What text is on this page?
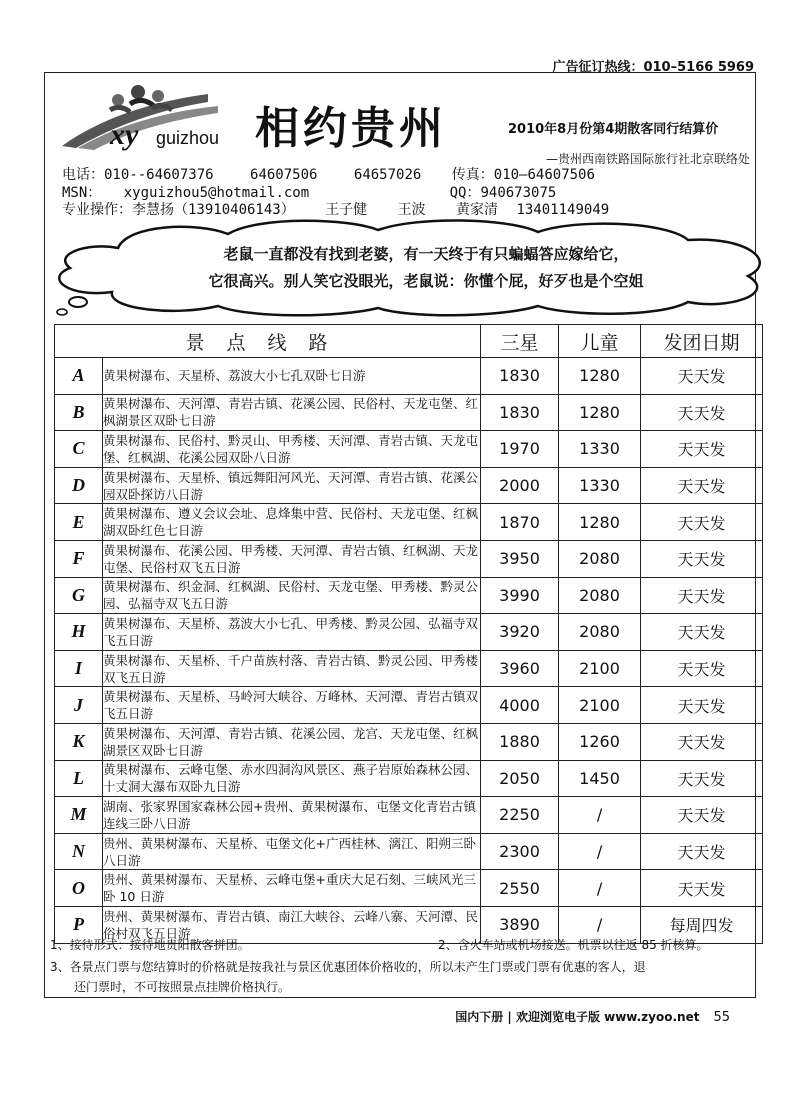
广告征订热线：010–5166 5969
xy guizhou 相约贵州	2010年8月份第4期散客同行结算价
—贵州西南铁路国际旅行社北京联络处
电话：010--64607376	64607506	64657026 传真：010—64607506
MSN： xyguizhou5@hotmail.com	QQ：940673075
专业操作：李慧扬（13910406143） 王子健 王波 黄家清 13401149049
老鼠一直都没有找到老婆，有一天终于有只蝙蝠答应嫁给它，
它很高兴。别人笑它没眼光，老鼠说：你懂个屁，好歹也是个空姐
景点线路		三星	儿童	发团日期
A	黄果树瀑布、天星桥、荔波大小七孔双卧七日游	1830	1280	天天发
B	黄果树瀑布、天河潭、青岩古镇、花溪公园、民俗村、天龙屯堡、红枫湖景区双卧七日游	1830	1280	天天发
C	黄果树瀑布、民俗村、黔灵山、甲秀楼、天河潭、青岩古镇、天龙屯堡、红枫湖、花溪公园双卧八日游	1970	1330	天天发
D	黄果树瀑布、天星桥、镇远舞阳河风光、天河潭、青岩古镇、花溪公园双卧探访八日游	2000	1330	天天发
E	黄果树瀑布、遵义会议会址、息烽集中营、民俗村、天龙屯堡、红枫湖双卧红色七日游	1870	1280	天天发
F	黄果树瀑布、花溪公园、甲秀楼、天河潭、青岩古镇、红枫湖、天龙屯堡、民俗村双飞五日游	3950	2080	天天发
G	黄果树瀑布、织金洞、红枫湖、民俗村、天龙屯堡、甲秀楼、黔灵公园、弘福寺双飞五日游	3990	2080	天天发
H	黄果树瀑布、天星桥、荔波大小七孔、甲秀楼、黔灵公园、弘福寺双飞五日游	3920	2080	天天发
I	黄果树瀑布、天星桥、千户苗族村落、青岩古镇、黔灵公园、甲秀楼双飞五日游	3960	2100	天天发
J	黄果树瀑布、天星桥、马岭河大峡谷、万峰林、天河潭、青岩古镇双飞五日游	4000	2100	天天发
K	黄果树瀑布、天河潭、青岩古镇、花溪公园、龙宫、天龙屯堡、红枫湖景区双卧七日游	1880	1260	天天发
L	黄果树瀑布、云峰屯堡、赤水四洞沟风景区、燕子岩原始森林公园、十丈洞大瀑布双卧九日游	2050	1450	天天发
M	湖南、张家界国家森林公园+贵州、黄果树瀑布、屯堡文化青岩古镇连线三卧八日游	2250	/	天天发
N	贵州、黄果树瀑布、天星桥、屯堡文化+广西桂林、漓江、阳朔三卧八日游	2300	/	天天发
O	贵州、黄果树瀑布、天星桥、云峰屯堡+重庆大足石刻、三峡风光三卧 10 日游	2550	/	天天发
P	贵州、黄果树瀑布、青岩古镇、南江大峡谷、云峰八寨、天河潭、民俗村双飞五日游	3890	/	每周四发
1、接待形式：接待地贵阳散客拼团。	2、含火车站或机场接送。机票以往返 85 折核算。
3、各景点门票与您结算时的价格就是按我社与景区优惠团体价格收的，所以未产生门票或门票有优惠的客人，退
还门票时，不可按照景点挂牌价格执行。
国内下册 | 欢迎浏览电子版 www.zyoo.net 55
